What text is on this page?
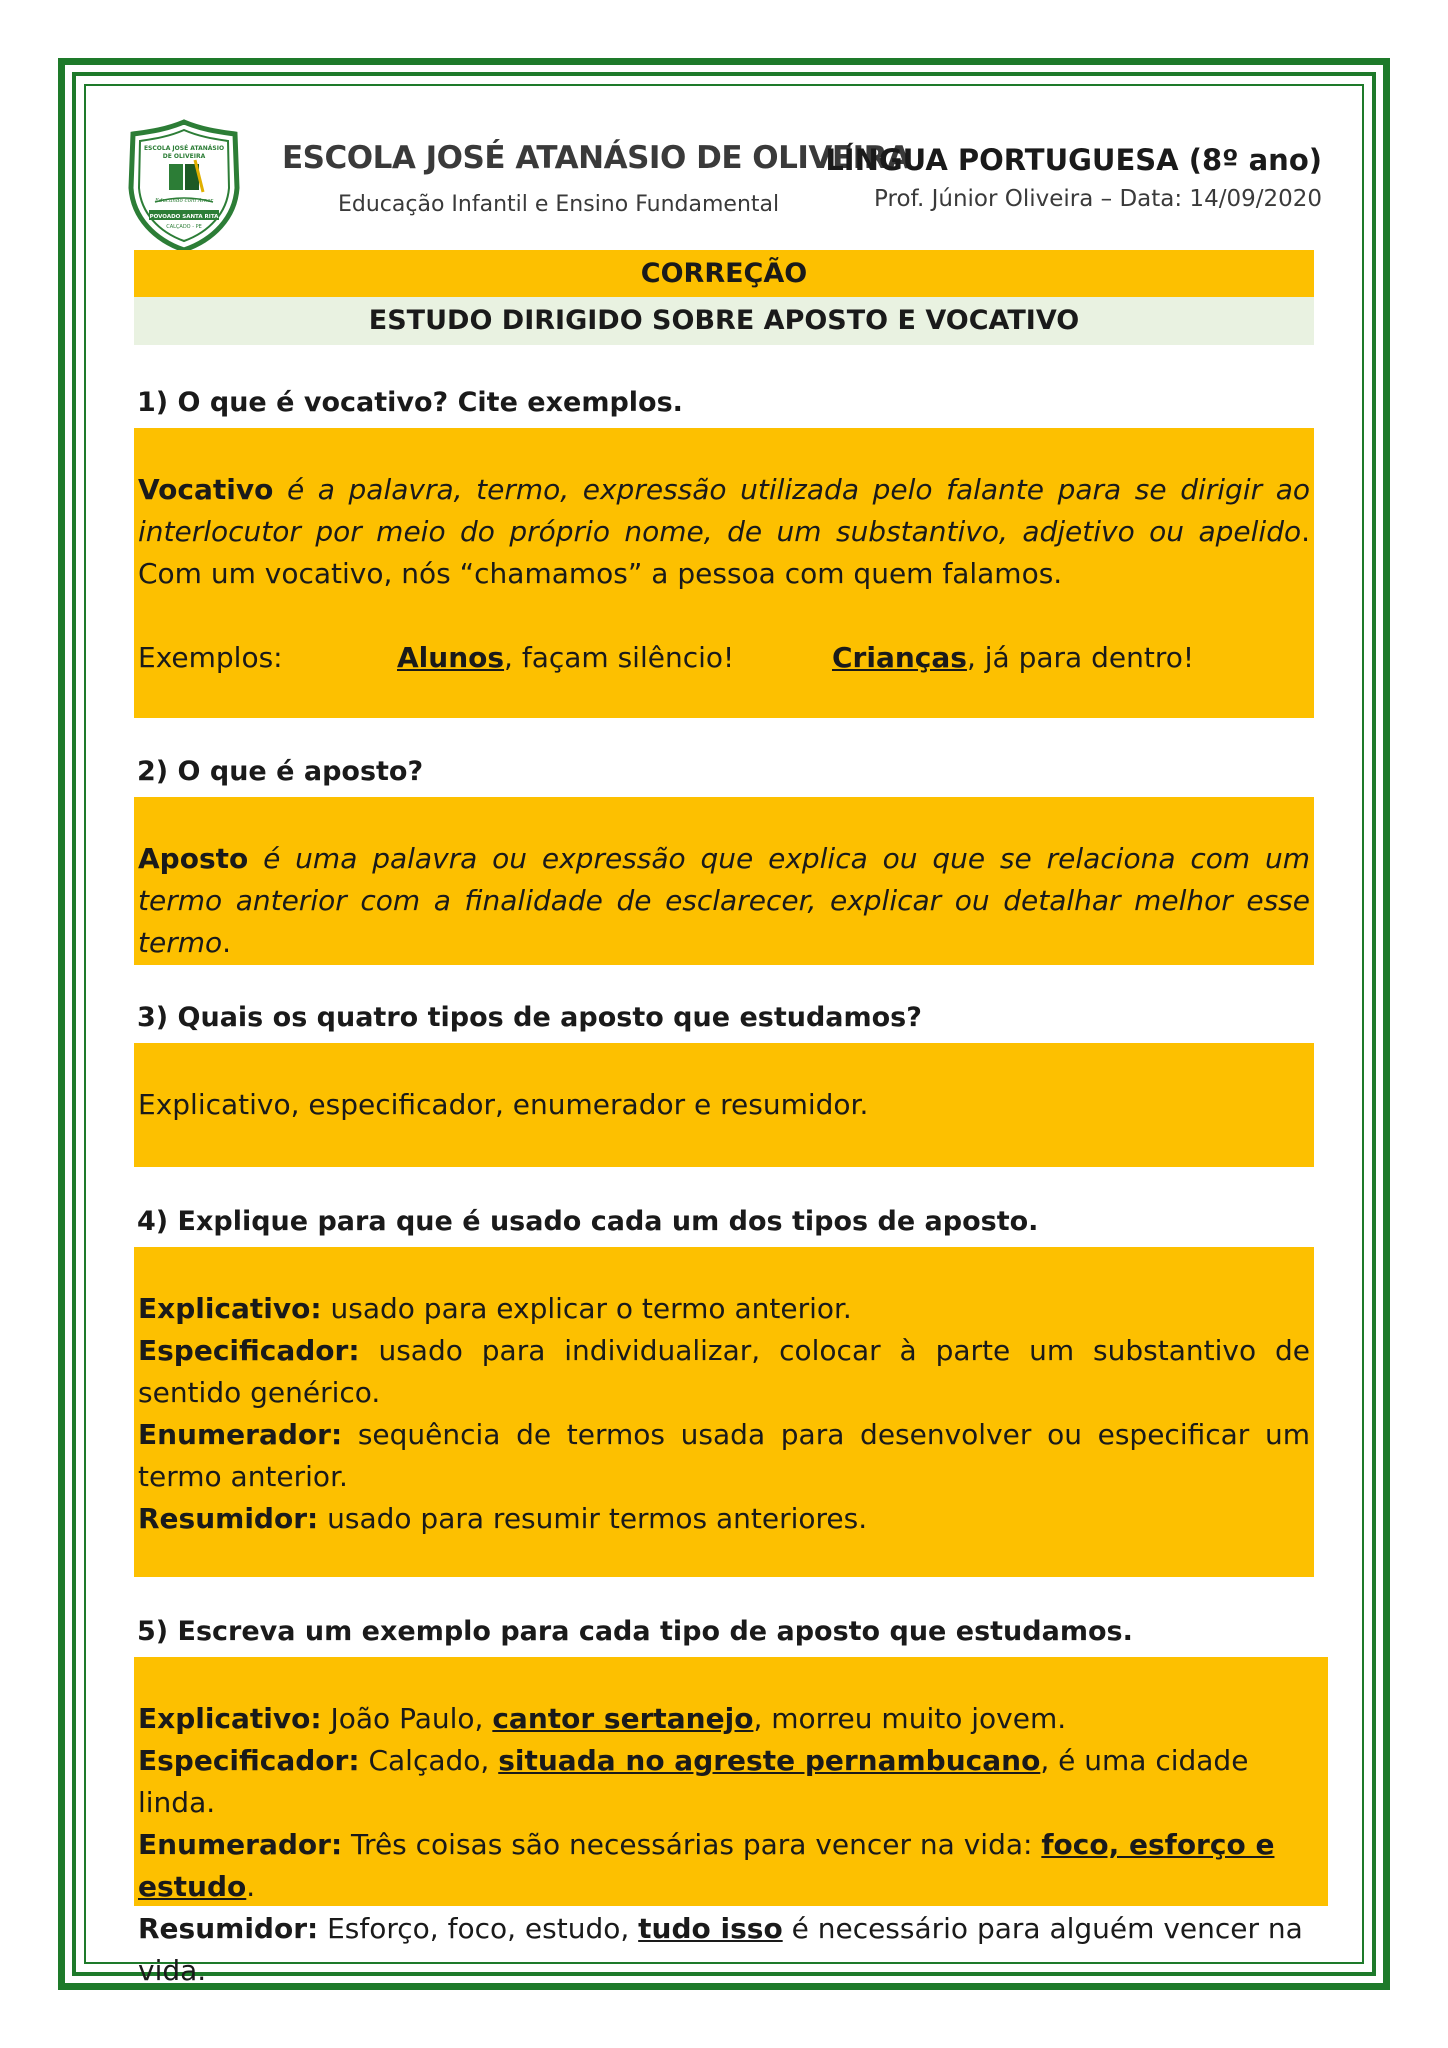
ESCOLA JOSÉ ATANÁSIO
DE OLIVEIRA
Educando com Amor
POVOADO SANTA RITA
CALÇADO - PE
ESCOLA JOSÉ ATANÁSIO DE OLIVEIRA
Educação Infantil e Ensino Fundamental
LÍNGUA PORTUGUESA (8º ano)
Prof. Júnior Oliveira – Data: 14/09/2020
CORREÇÃO
ESTUDO DIRIGIDO SOBRE APOSTO E VOCATIVO
1) O que é vocativo? Cite exemplos.

Vocativo é a palavra, termo, expressão utilizada pelo falante para se dirigir ao interlocutor por meio do próprio nome, de um substantivo, adjetivo ou apelido. Com um vocativo, nós “chamamos” a pessoa com quem falamos.

Exemplos:	Alunos, façam silêncio!	Crianças, já para dentro!
2) O que é aposto?

Aposto é uma palavra ou expressão que explica ou que se relaciona com um termo anterior com a finalidade de esclarecer, explicar ou detalhar melhor esse termo.

3) Quais os quatro tipos de aposto que estudamos?

Explicativo, especificador, enumerador e resumidor.

4) Explique para que é usado cada um dos tipos de aposto.

Explicativo: usado para explicar o termo anterior.

Especificador: usado para individualizar, colocar à parte um substantivo de sentido genérico.

Enumerador: sequência de termos usada para desenvolver ou especificar um termo anterior.

Resumidor: usado para resumir termos anteriores.

5) Escreva um exemplo para cada tipo de aposto que estudamos.

Explicativo: João Paulo, cantor sertanejo, morreu muito jovem.

Especificador: Calçado, situada no agreste pernambucano, é uma cidade linda.

Enumerador: Três coisas são necessárias para vencer na vida: foco, esforço e estudo.

Resumidor: Esforço, foco, estudo, tudo isso é necessário para alguém vencer na vida.
